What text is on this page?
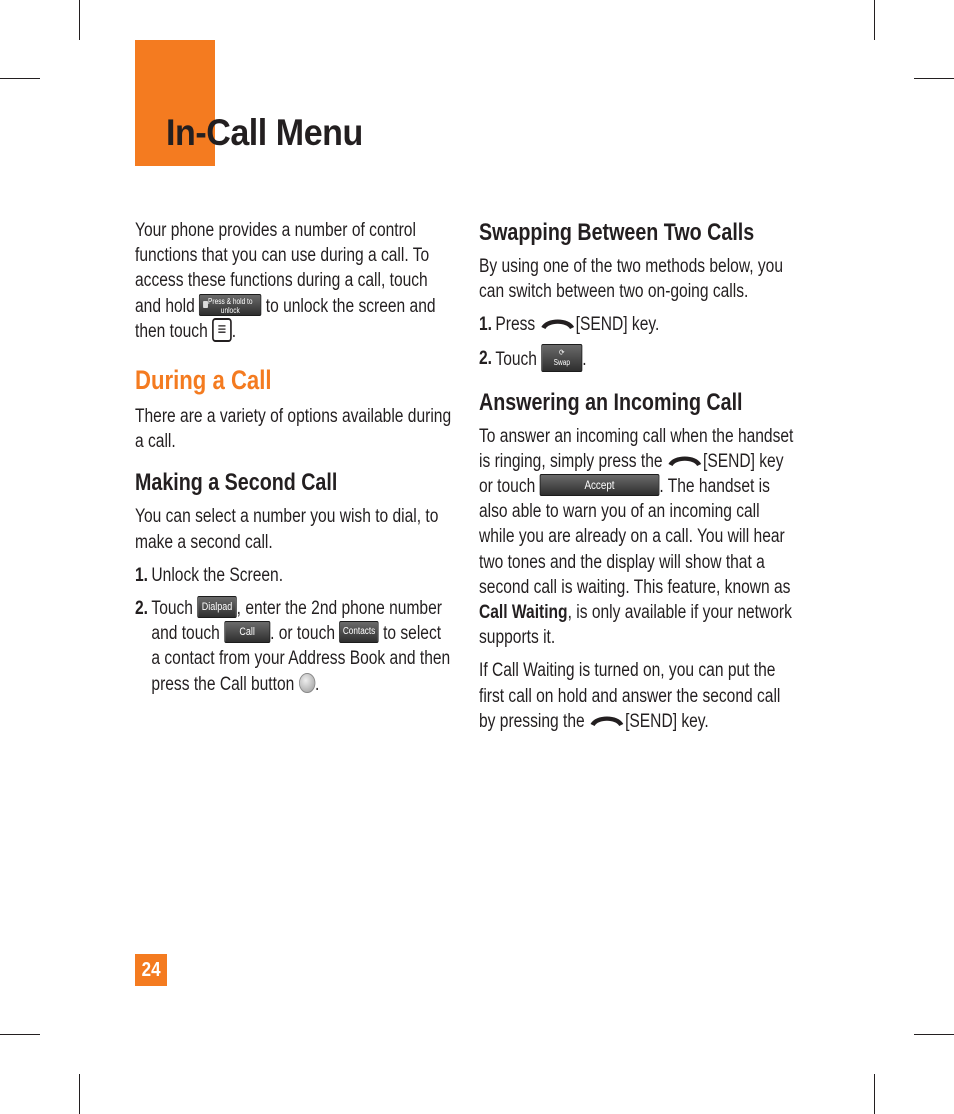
In-Call Menu

Your phone provides a number of control functions that you can use during a call. To access these functions during a call, touch and hold
Press & hold to
unlock to unlock the screen and then touch ≡ .

During a Call

There are a variety of options available during a call.

Making a Second Call

You can select a number you wish to dial, to make a second call.

1. Unlock the Screen.
2. Touch Dialpad , enter the 2nd phone number and touch Call . or touch Contacts to select a contact from your Address Book and then press the Call button .
Swapping Between Two Calls

By using one of the two methods below, you can switch between two on-going calls.

1. Press [SEND] key.
2. Touch ⟳
Swap .
Answering an Incoming Call

To answer an incoming call when the handset is ringing, simply press the [SEND] key or touch	Accept . The handset is also able to warn you of an incoming call while you are already on a call. You will hear two tones and the display will show that a second call is waiting. This feature, known as Call Waiting, is only available if your network supports it.

If Call Waiting is turned on, you can put the first call on hold and answer the second call by pressing the [SEND] key.

24
